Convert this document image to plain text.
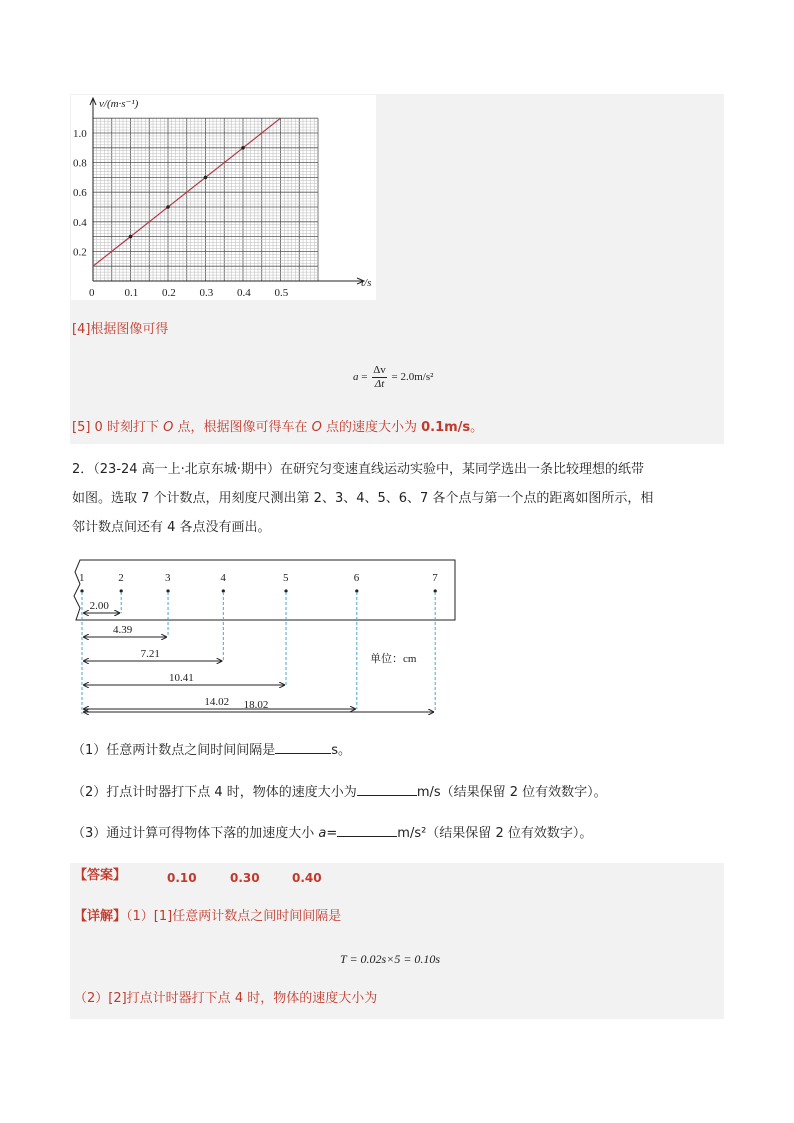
0	0.1 0.2 0.3 0.4 0.5
0.2
0.4
0.6
0.8
1.0
v/(m·s⁻¹)
t/s
[4]根据图像可得
$a = \frac{\Delta v}{\Delta t} = 2.0m/s^2$
[5] 0 时刻打下 O 点，根据图像可得车在 O 点的速度大小为 0.1m/s。
2．（23-24 高一上·北京东城·期中）在研究匀变速直线运动实验中，某同学选出一条比较理想的纸带
如图。选取 7 个计数点，用刻度尺测出第 2、3、4、5、6、7 各个点与第一个点的距离如图所示，相
邻计数点间还有 4 各点没有画出。
1	2	3	4	5	6	7
2.00
4.39
7.21
10.41
14.02 18.02
单位：cm
（1）任意两计数点之间时间间隔是	s。
（2）打点计时器打下点 4 时，物体的速度大小为	m/s（结果保留 2 位有效数字）。
（3）通过计算可得物体下落的加速度大小 a=	m/s²（结果保留 2 位有效数字）。
【答案】	0.10	0.30	0.40
【详解】（1）[1]任意两计数点之间时间间隔是
T = 0.02s×5 = 0.10s
（2）[2]打点计时器打下点 4 时，物体的速度大小为
